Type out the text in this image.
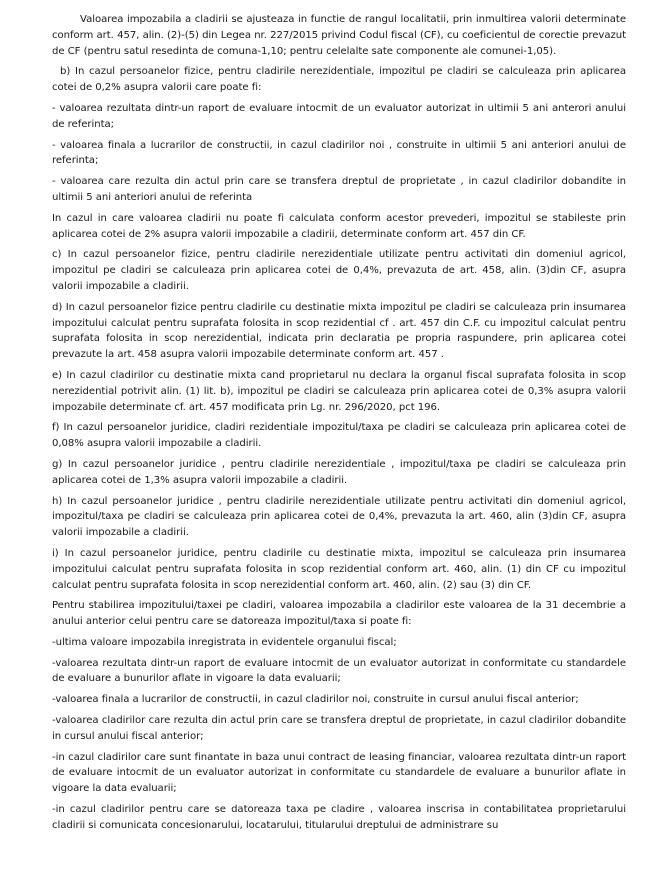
Valoarea impozabila a cladirii se ajusteaza in functie de rangul localitatii, prin inmultirea valorii determinate conform art. 457, alin. (2)-(5) din Legea nr. 227/2015 privind Codul fiscal (CF), cu coeficientul de corectie prevazut de CF (pentru satul resedinta de comuna-1,10; pentru celelalte sate componente ale comunei-1,05).

b) In cazul persoanelor fizice, pentru cladirile nerezidentiale, impozitul pe cladiri se calculeaza prin aplicarea cotei de 0,2% asupra valorii care poate fi:

- valoarea rezultata dintr-un raport de evaluare intocmit de un evaluator autorizat in ultimii 5 ani anterori anului de referinta;

- valoarea finala a lucrarilor de constructii, in cazul cladirilor noi , construite in ultimii 5 ani anteriori anului de referinta;

- valoarea care rezulta din actul prin care se transfera dreptul de proprietate , in cazul cladirilor dobandite in ultimii 5 ani anteriori anului de referinta

In cazul in care valoarea cladirii nu poate fi calculata conform acestor prevederi, impozitul se stabileste prin aplicarea cotei de 2% asupra valorii impozabile a cladirii, determinate conform art. 457 din CF.

c) In cazul persoanelor fizice, pentru cladirile nerezidentiale utilizate pentru activitati din domeniul agricol, impozitul pe cladiri se calculeaza prin aplicarea cotei de 0,4%, prevazuta de art. 458, alin. (3)din CF, asupra valorii impozabile a cladirii.

d) In cazul persoanelor fizice pentru cladirile cu destinatie mixta impozitul pe cladiri se calculeaza prin insumarea impozitului calculat pentru suprafata folosita in scop rezidential cf . art. 457 din C.F. cu impozitul calculat pentru suprafata folosita in scop nerezidential, indicata prin declaratia pe propria raspundere, prin aplicarea cotei prevazute la art. 458 asupra valorii impozabile determinate conform art. 457 .

e) In cazul cladirilor cu destinatie mixta cand proprietarul nu declara la organul fiscal suprafata folosita in scop nerezidential potrivit alin. (1) lit. b), impozitul pe cladiri se calculeaza prin aplicarea cotei de 0,3% asupra valorii impozabile determinate cf. art. 457 modificata prin Lg. nr. 296/2020, pct 196.

f) In cazul persoanelor juridice, cladiri rezidentiale impozitul/taxa pe cladiri se calculeaza prin aplicarea cotei de 0,08% asupra valorii impozabile a cladirii.

g) In cazul persoanelor juridice , pentru cladirile nerezidentiale , impozitul/taxa pe cladiri se calculeaza prin aplicarea cotei de 1,3% asupra valorii impozabile a cladirii.

h) In cazul persoanelor juridice , pentru cladirile nerezidentiale utilizate pentru activitati din domeniul agricol, impozitul/taxa pe cladiri se calculeaza prin aplicarea cotei de 0,4%, prevazuta la art. 460, alin (3)din CF, asupra valorii impozabile a cladirii.

i) In cazul persoanelor juridice, pentru cladirile cu destinatie mixta, impozitul se calculeaza prin insumarea impozitului calculat pentru suprafata folosita in scop rezidential conform art. 460, alin. (1) din CF cu impozitul calculat pentru suprafata folosita in scop nerezidential conform art. 460, alin. (2) sau (3) din CF.

Pentru stabilirea impozitului/taxei pe cladiri, valoarea impozabila a cladirilor este valoarea de la 31 decembrie a anului anterior celui pentru care se datoreaza impozitul/taxa si poate fi:

-ultima valoare impozabila inregistrata in evidentele organului fiscal;

-valoarea rezultata dintr-un raport de evaluare intocmit de un evaluator autorizat in conformitate cu standardele de evaluare a bunurilor aflate in vigoare la data evaluarii;

-valoarea finala a lucrarilor de constructii, in cazul cladirilor noi, construite in cursul anului fiscal anterior;

-valoarea cladirilor care rezulta din actul prin care se transfera dreptul de proprietate, in cazul cladirilor dobandite in cursul anului fiscal anterior;

-in cazul cladirilor care sunt finantate in baza unui contract de leasing financiar, valoarea rezultata dintr-un raport de evaluare intocmit de un evaluator autorizat in conformitate cu standardele de evaluare a bunurilor aflate in vigoare la data evaluarii;

-in cazul cladirilor pentru care se datoreaza taxa pe cladire , valoarea inscrisa in contabilitatea proprietarului cladirii si comunicata concesionarului, locatarului, titularului dreptului de administrare su
